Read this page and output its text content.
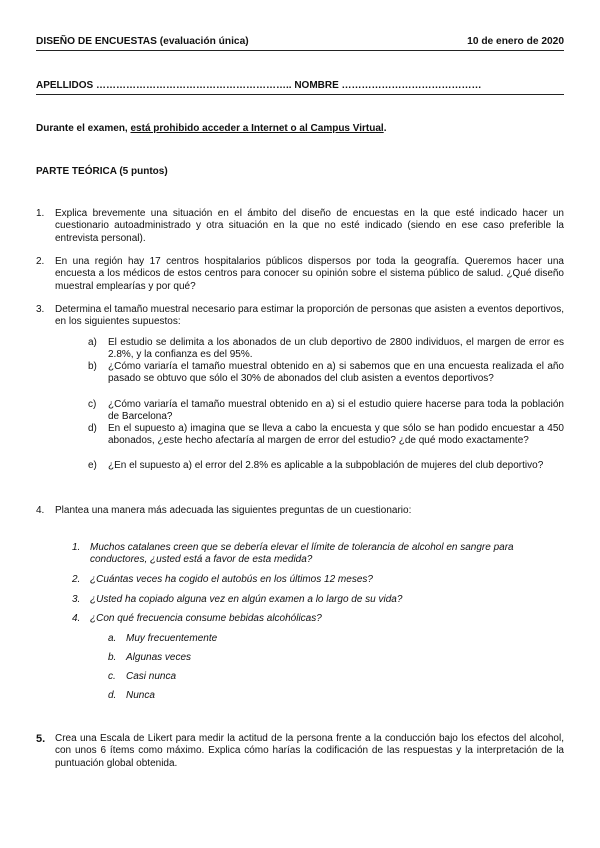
DISEÑO DE ENCUESTAS (evaluación única)	10 de enero de 2020
APELLIDOS ………………………………………………….. NOMBRE ……………………………………
Durante el examen, está prohibido acceder a Internet o al Campus Virtual.
PARTE TEÓRICA (5 puntos)
1.	Explica brevemente una situación en el ámbito del diseño de encuestas en la que esté indicado hacer un cuestionario autoadministrado y otra situación en la que no esté indicado (siendo en ese caso preferible la entrevista personal).
2.	En una región hay 17 centros hospitalarios públicos dispersos por toda la geografía. Queremos hacer una encuesta a los médicos de estos centros para conocer su opinión sobre el sistema público de salud. ¿Qué diseño muestral emplearías y por qué?
3.	Determina el tamaño muestral necesario para estimar la proporción de personas que asisten a eventos deportivos, en los siguientes supuestos:
a)	El estudio se delimita a los abonados de un club deportivo de 2800 individuos, el margen de error es 2.8%, y la confianza es del 95%.
b)	¿Cómo variaría el tamaño muestral obtenido en a) si sabemos que en una encuesta realizada el año pasado se obtuvo que sólo el 30% de abonados del club asisten a eventos deportivos?
c)	¿Cómo variaría el tamaño muestral obtenido en a) si el estudio quiere hacerse para toda la población de Barcelona?
d)	En el supuesto a) imagina que se lleva a cabo la encuesta y que sólo se han podido encuestar a 450 abonados, ¿este hecho afectaría al margen de error del estudio? ¿de qué modo exactamente?
e)	¿En el supuesto a) el error del 2.8% es aplicable a la subpoblación de mujeres del club deportivo?
4.	Plantea una manera más adecuada las siguientes preguntas de un cuestionario:
1. Muchos catalanes creen que se debería elevar el límite de tolerancia de alcohol en sangre para conductores, ¿usted está a favor de esta medida?
2. ¿Cuántas veces ha cogido el autobús en los últimos 12 meses?
3. ¿Usted ha copiado alguna vez en algún examen a lo largo de su vida?
4. ¿Con qué frecuencia consume bebidas alcohólicas?
a. Muy frecuentemente
b. Algunas veces
c.	Casi nunca
d. Nunca
5. Crea una Escala de Likert para medir la actitud de la persona frente a la conducción bajo los efectos del alcohol, con unos 6 ítems como máximo. Explica cómo harías la codificación de las respuestas y la interpretación de la puntuación global obtenida.
